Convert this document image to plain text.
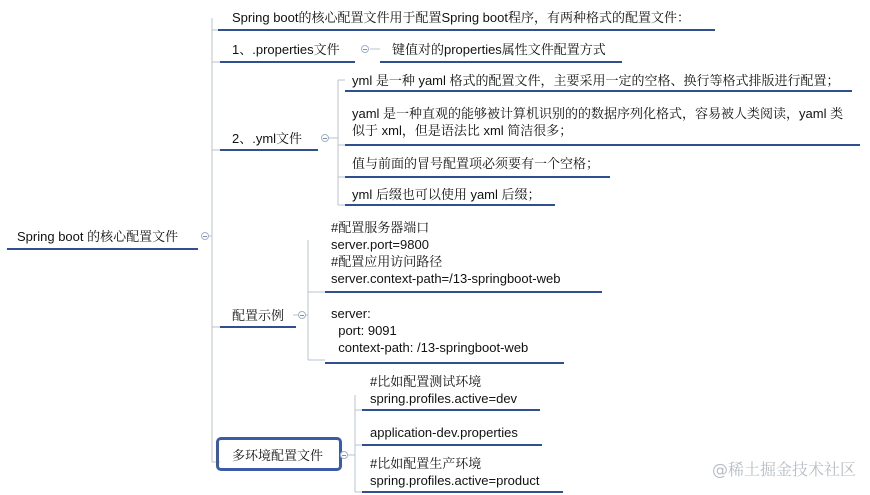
Spring boot 的核心配置文件
Spring boot的核心配置文件用于配置Spring boot程序，有两种格式的配置文件：
1、.properties文件	键值对的properties属性文件配置方式
2、.yml文件
yml 是一种 yaml 格式的配置文件，主要采用一定的空格、换行等格式排版进行配置；
yaml 是一种直观的能够被计算机识别的的数据序列化格式，容易被人类阅读，yaml 类似于 xml，但是语法比 xml 简洁很多；
值与前面的冒号配置项必须要有一个空格；
yml 后缀也可以使用 yaml 后缀；
配置示例
#配置服务器端口
server.port=9800
#配置应用访问路径
server.context-path=/13-springboot-web
server:
port: 9091
context-path: /13-springboot-web
多环境配置文件
#比如配置测试环境
spring.profiles.active=dev
application-dev.properties
#比如配置生产环境
spring.profiles.active=product
@稀土掘金技术社区
